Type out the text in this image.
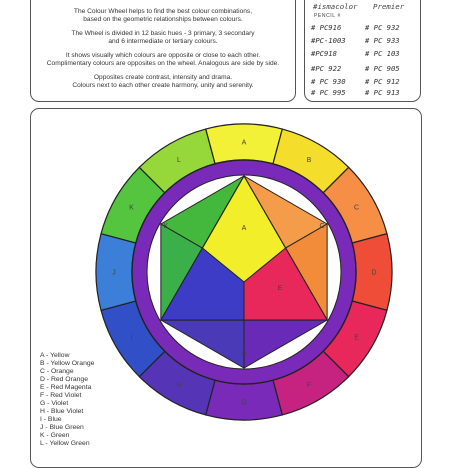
The Colour Wheel helps to find the best colour combinations,
based on the geometric relationships between colours.
The Wheel is divided in 12 basic hues - 3 primary, 3 secondary
and 6 intermediate or tertiary colours.
It shows visually which colours are opposite or close to each other.
Complimentary colours are opposites on the wheel. Analogous are side by side.
Opposites create contrast, intensity and drama.
Colours next to each other create harmony, unity and serenity.
#ismacolor Premier
PENCIL #
# PC916
#PC-1003
#PC918
#PC 922
# PC 930
# PC 995
# PC 932
# PC 933
# PC 103
# PC 905
# PC 912
# PC 913
A
B
C
D
E
F
G
H
I
J
K
L
A
E
K	C
G
A - Yellow
B - Yellow Orange
C - Orange
D - Red Orange
E - Red Magenta
F - Red Violet
G - Violet
H - Blue Violet
I - Blue
J - Blue Green
K - Green
L - Yellow Green
